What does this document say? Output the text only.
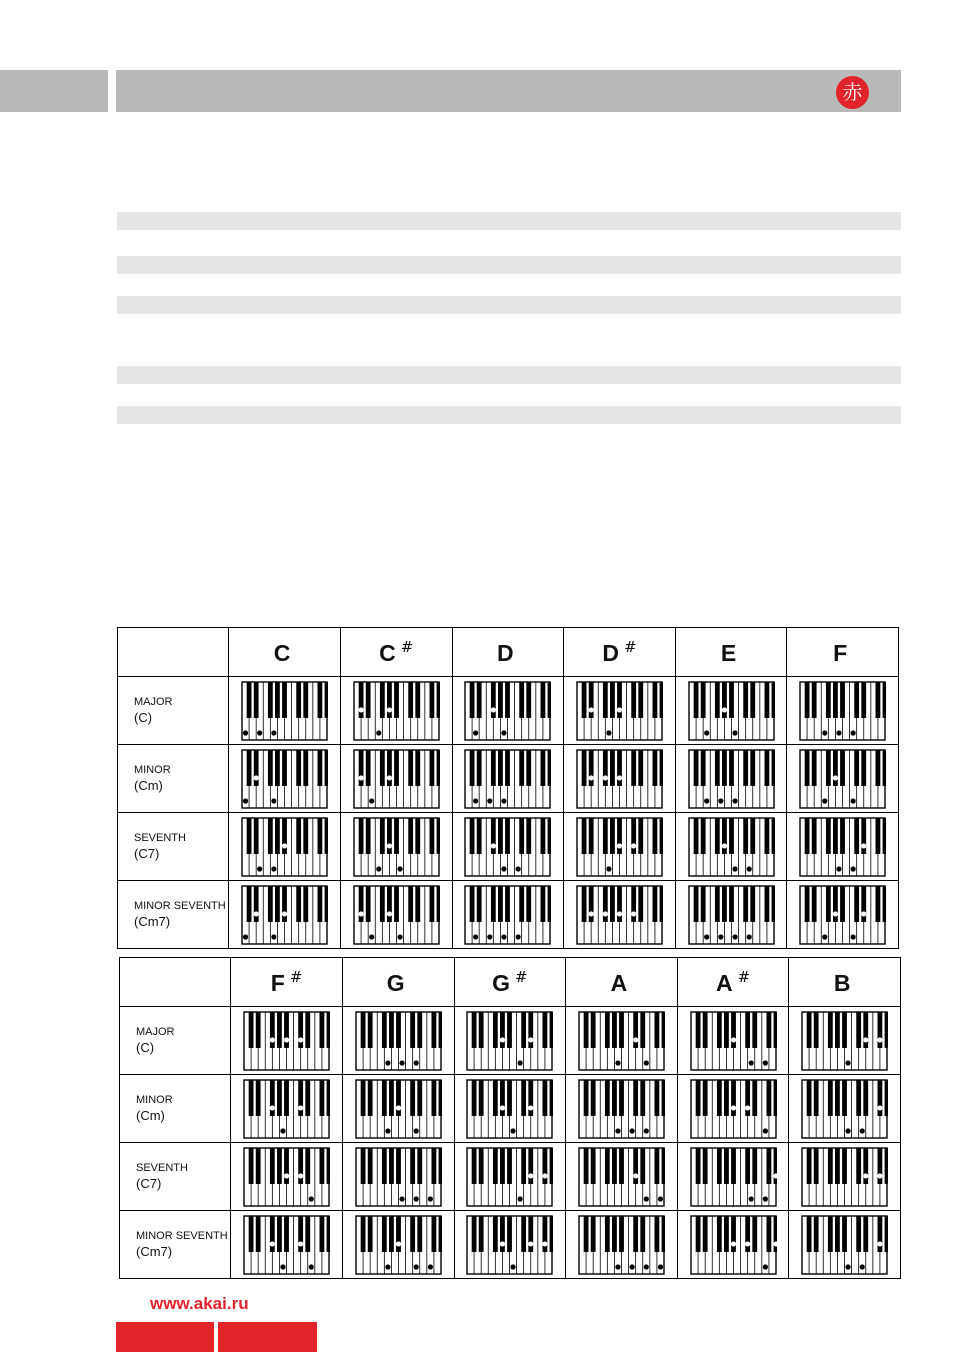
赤
	C	C #	D	D #	E	F

MAJOR
(C)

MINOR
(Cm)

SEVENTH
(C7)

MINOR SEVENTH
(Cm7)

	F #	G	G #	A	A #	B

MAJOR
(C)

MINOR
(Cm)

SEVENTH
(C7)

MINOR SEVENTH
(Cm7)

www.akai.ru
